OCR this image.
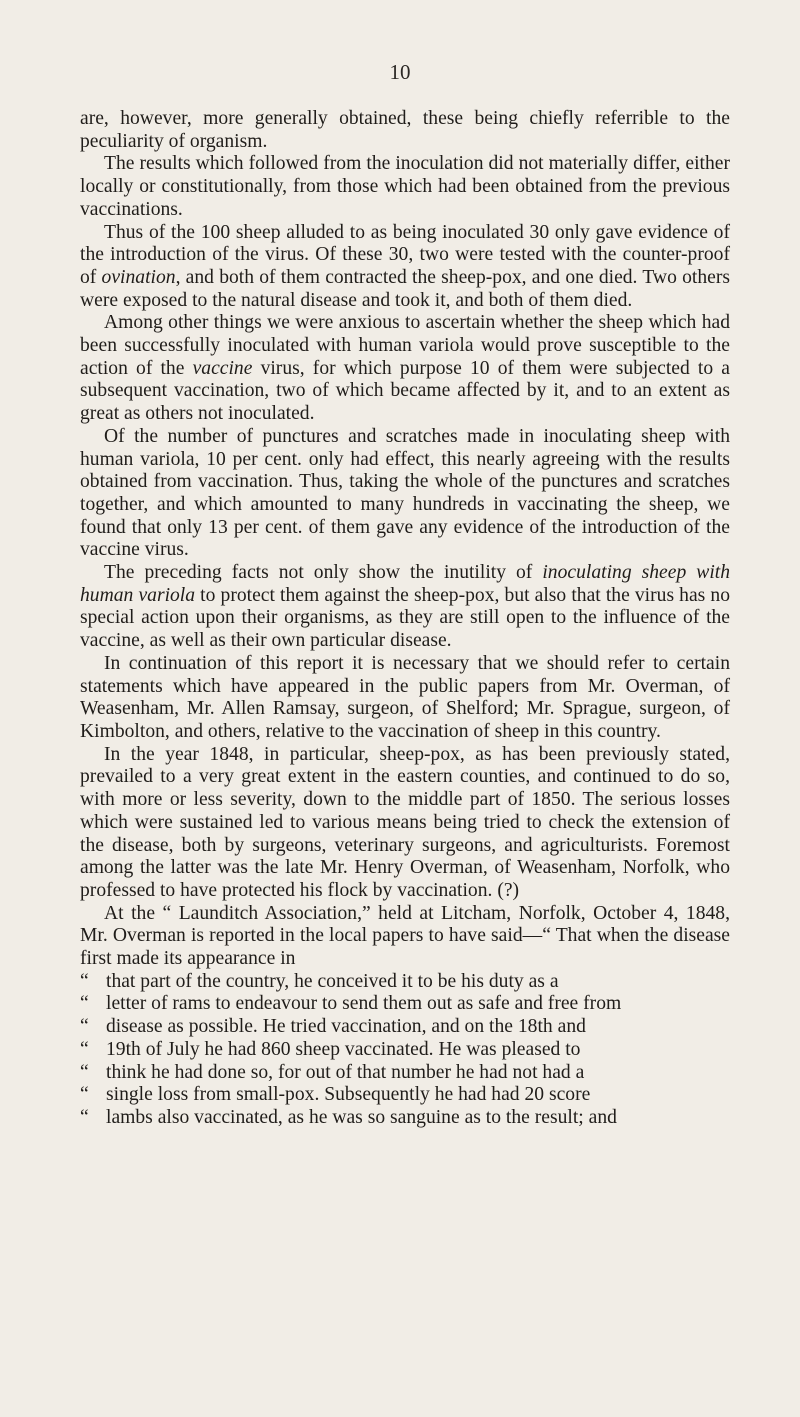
10

are, however, more generally obtained, these being chiefly referrible to the peculiarity of organism.

The results which followed from the inoculation did not materially differ, either locally or constitutionally, from those which had been obtained from the previous vaccinations.

Thus of the 100 sheep alluded to as being inoculated 30 only gave evidence of the introduction of the virus. Of these 30, two were tested with the counter-proof of ovination, and both of them contracted the sheep-pox, and one died. Two others were exposed to the natural disease and took it, and both of them died.

Among other things we were anxious to ascertain whether the sheep which had been successfully inoculated with human variola would prove susceptible to the action of the vaccine virus, for which purpose 10 of them were subjected to a subsequent vaccination, two of which became affected by it, and to an extent as great as others not inoculated.

Of the number of punctures and scratches made in inoculating sheep with human variola, 10 per cent. only had effect, this nearly agreeing with the results obtained from vaccination. Thus, taking the whole of the punctures and scratches together, and which amounted to many hundreds in vaccinating the sheep, we found that only 13 per cent. of them gave any evidence of the introduction of the vaccine virus.

The preceding facts not only show the inutility of inoculating sheep with human variola to protect them against the sheep-pox, but also that the virus has no special action upon their organisms, as they are still open to the influence of the vaccine, as well as their own particular disease.

In continuation of this report it is necessary that we should refer to certain statements which have appeared in the public papers from Mr. Overman, of Weasenham, Mr. Allen Ramsay, surgeon, of Shelford; Mr. Sprague, surgeon, of Kimbolton, and others, relative to the vaccination of sheep in this country.

In the year 1848, in particular, sheep-pox, as has been previously stated, prevailed to a very great extent in the eastern counties, and continued to do so, with more or less severity, down to the middle part of 1850. The serious losses which were sustained led to various means being tried to check the extension of the disease, both by surgeons, veterinary surgeons, and agriculturists. Foremost among the latter was the late Mr. Henry Overman, of Weasenham, Norfolk, who professed to have protected his flock by vaccination. (?)

At the “ Launditch Association,” held at Litcham, Norfolk, October 4, 1848, Mr. Overman is reported in the local papers to have said—“ That when the disease first made its appearance in

“ that part of the country, he conceived it to be his duty as a
“ letter of rams to endeavour to send them out as safe and free from
“ disease as possible. He tried vaccination, and on the 18th and
“ 19th of July he had 860 sheep vaccinated. He was pleased to
“ think he had done so, for out of that number he had not had a
“ single loss from small-pox. Subsequently he had had 20 score
“ lambs also vaccinated, as he was so sanguine as to the result; and
